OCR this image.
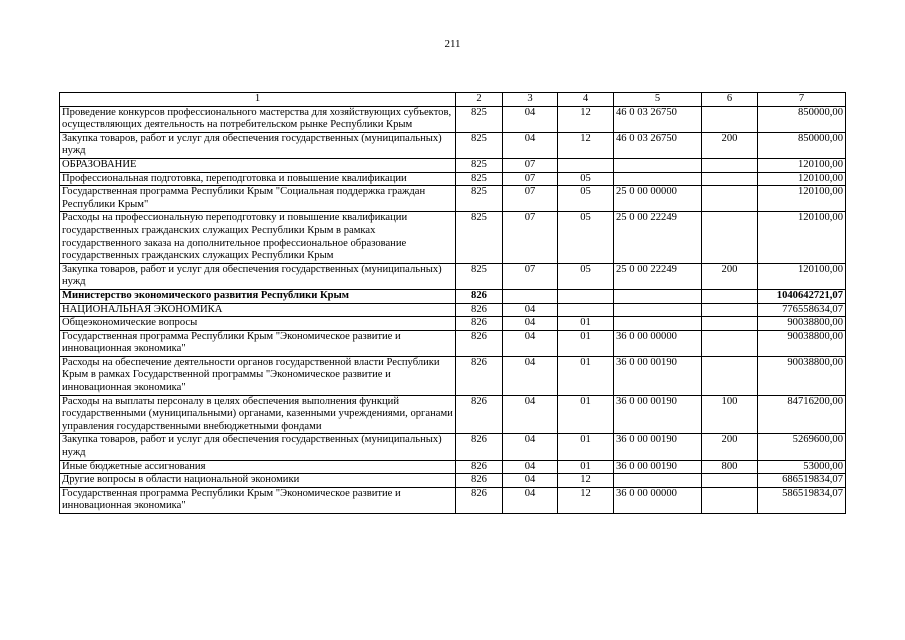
211
1	2	3	4	5	6	7
Проведение конкурсов профессионального мастерства для хозяйствующих субъектов, осуществляющих деятельность на потребительском рынке Республики Крым	825	04	12	46 0 03 26750		850000,00
Закупка товаров, работ и услуг для обеспечения государственных (муниципальных) нужд	825	04	12	46 0 03 26750	200	850000,00
ОБРАЗОВАНИЕ	825	07				120100,00
Профессиональная подготовка, переподготовка и повышение квалификации	825	07	05			120100,00
Государственная программа Республики Крым "Социальная поддержка граждан Республики Крым"	825	07	05	25 0 00 00000		120100,00
Расходы на профессиональную переподготовку и повышение квалификации государственных гражданских служащих Республики Крым в рамках государственного заказа на дополнительное профессиональное образование государственных гражданских служащих Республики Крым	825	07	05	25 0 00 22249		120100,00
Закупка товаров, работ и услуг для обеспечения государственных (муниципальных) нужд	825	07	05	25 0 00 22249	200	120100,00
Министерство экономического развития Республики Крым	826					1040642721,07
НАЦИОНАЛЬНАЯ ЭКОНОМИКА	826	04				776558634,07
Общеэкономические вопросы	826	04	01			90038800,00
Государственная программа Республики Крым "Экономическое развитие и инновационная экономика"	826	04	01	36 0 00 00000		90038800,00
Расходы на обеспечение деятельности органов государственной власти Республики Крым в рамках Государственной программы "Экономическое развитие и инновационная экономика"	826	04	01	36 0 00 00190		90038800,00
Расходы на выплаты персоналу в целях обеспечения выполнения функций государственными (муниципальными) органами, казенными учреждениями, органами управления государственными внебюджетными фондами	826	04	01	36 0 00 00190	100	84716200,00
Закупка товаров, работ и услуг для обеспечения государственных (муниципальных) нужд	826	04	01	36 0 00 00190	200	5269600,00
Иные бюджетные ассигнования	826	04	01	36 0 00 00190	800	53000,00
Другие вопросы в области национальной экономики	826	04	12			686519834,07
Государственная программа Республики Крым "Экономическое развитие и инновационная экономика"	826	04	12	36 0 00 00000		586519834,07
